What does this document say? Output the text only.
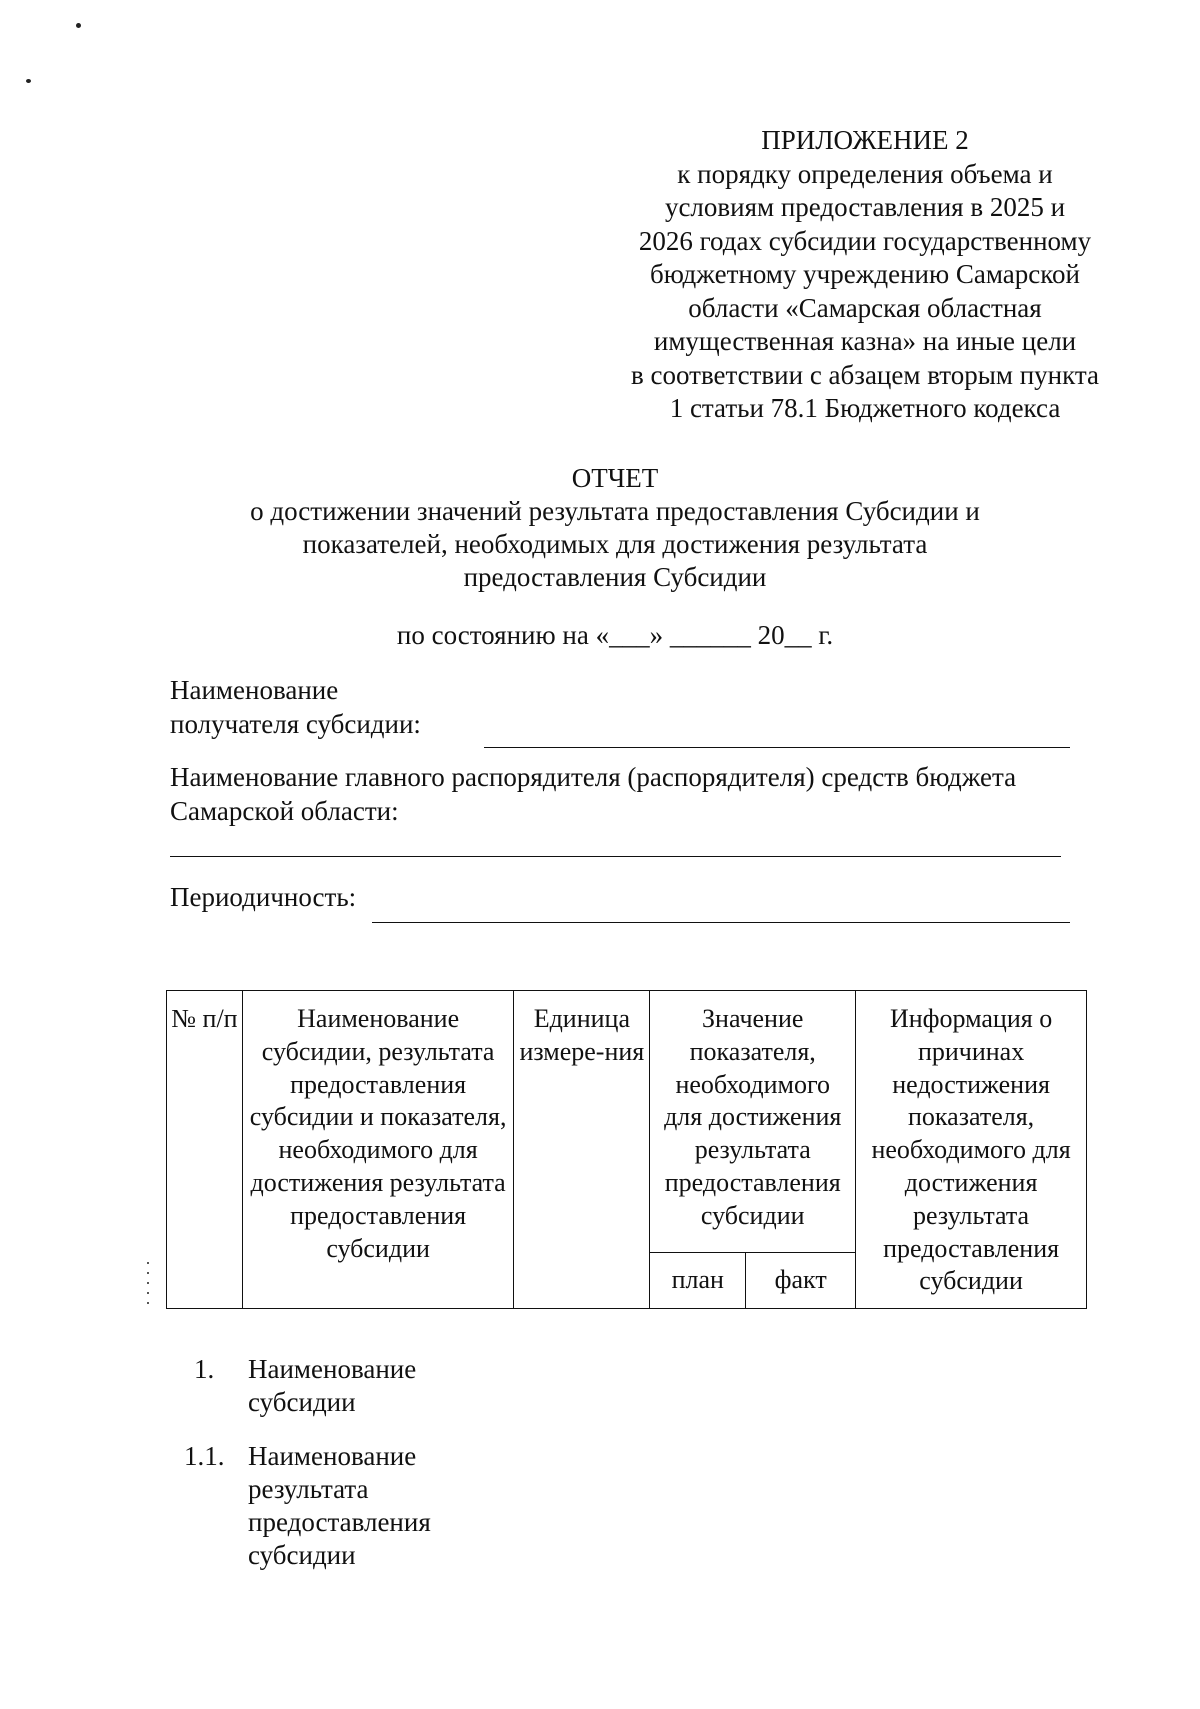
ПРИЛОЖЕНИЕ 2
к порядку определения объема и
условиям предоставления в 2025 и
2026 годах субсидии государственному
бюджетному учреждению Самарской
области «Самарская областная
имущественная казна» на иные цели
в соответствии с абзацем вторым пункта
1 статьи 78.1 Бюджетного кодекса
ОТЧЕТ
о достижении значений результата предоставления Субсидии и
показателей, необходимых для достижения результата
предоставления Субсидии
по состоянию на «___» ______ 20__ г.
Наименование
получателя субсидии:
Наименование главного распорядителя (распорядителя) средств бюджета
Самарской области:
Периодичность:
№ п/п	Наименование субсидии, результата предоставления субсидии и показателя, необходимого для достижения результата предоставления субсидии	Единица измере-ния	Значение показателя, необходимого для достижения результата предоставления субсидии		Информация о причинах недостижения показателя, необходимого для достижения результата предоставления субсидии
			план	факт	
1. Наименование
субсидии
1.1. Наименование
результата
предоставления
субсидии
